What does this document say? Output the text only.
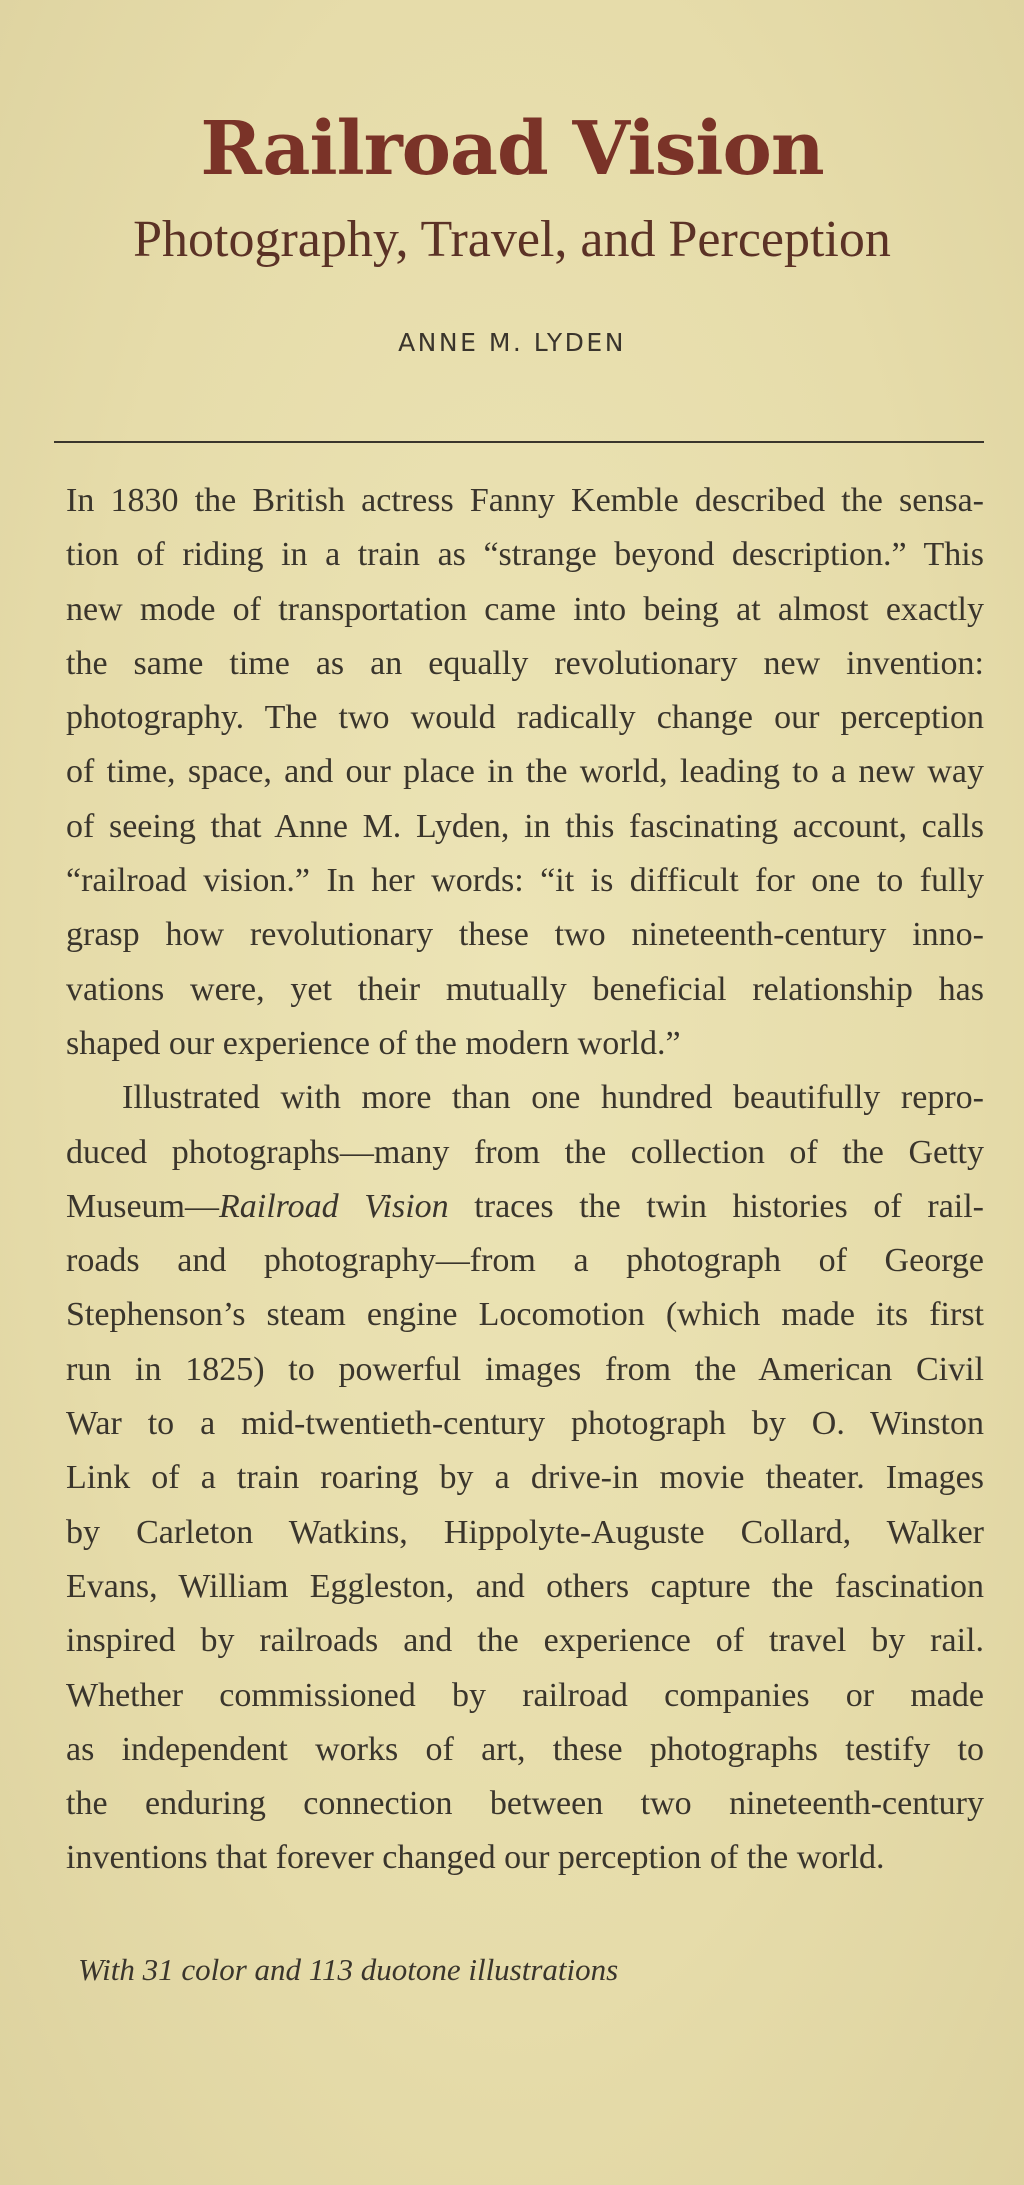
Railroad Vision
Photography, Travel, and Perception
ANNE M. LYDEN
In 1830 the British actress Fanny Kemble described the sensa-
tion of riding in a train as “strange beyond description.” This
new mode of transportation came into being at almost exactly
the same time as an equally revolutionary new invention:
photography. The two would radically change our perception
of time, space, and our place in the world, leading to a new way
of seeing that Anne M. Lyden, in this fascinating account, calls
“railroad vision.” In her words: “it is difficult for one to fully
grasp how revolutionary these two nineteenth-century inno-
vations were, yet their mutually beneficial relationship has
shaped our experience of the modern world.”
Illustrated with more than one hundred beautifully repro-
duced photographs—many from the collection of the Getty
Museum—Railroad Vision traces the twin histories of rail-
roads and photography—from a photograph of George
Stephenson’s steam engine Locomotion (which made its first
run in 1825) to powerful images from the American Civil
War to a mid-twentieth-century photograph by O. Winston
Link of a train roaring by a drive-in movie theater. Images
by Carleton Watkins, Hippolyte-Auguste Collard, Walker
Evans, William Eggleston, and others capture the fascination
inspired by railroads and the experience of travel by rail.
Whether commissioned by railroad companies or made
as independent works of art, these photographs testify to
the enduring connection between two nineteenth-century
inventions that forever changed our perception of the world.
With 31 color and 113 duotone illustrations
